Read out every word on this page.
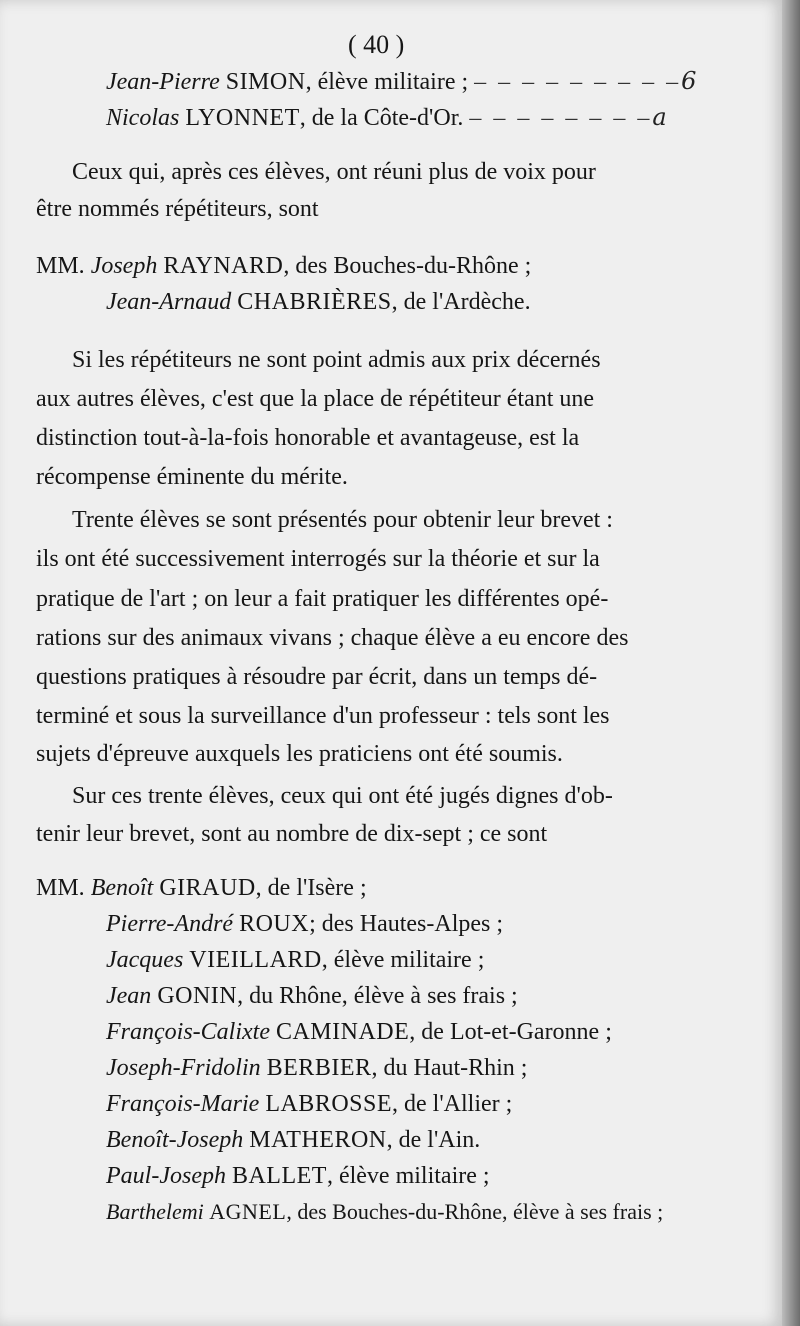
( 40 )
Jean-Pierre SIMON, élève militaire ; – – – – – – – – –6
Nicolas LYONNET, de la Côte-d'Or. – – – – – – – –a
Ceux qui, après ces élèves, ont réuni plus de voix pour
être nommés répétiteurs, sont
MM. Joseph RAYNARD, des Bouches-du-Rhône ;
Jean-Arnaud CHABRIÈRES, de l'Ardèche.
Si les répétiteurs ne sont point admis aux prix décernés
aux autres élèves, c'est que la place de répétiteur étant une
distinction tout-à-la-fois honorable et avantageuse, est la
récompense éminente du mérite.
Trente élèves se sont présentés pour obtenir leur brevet :
ils ont été successivement interrogés sur la théorie et sur la
pratique de l'art ; on leur a fait pratiquer les différentes opé-
rations sur des animaux vivans ; chaque élève a eu encore des
questions pratiques à résoudre par écrit, dans un temps dé-
terminé et sous la surveillance d'un professeur : tels sont les
sujets d'épreuve auxquels les praticiens ont été soumis.
Sur ces trente élèves, ceux qui ont été jugés dignes d'ob-
tenir leur brevet, sont au nombre de dix-sept ; ce sont
MM. Benoît GIRAUD, de l'Isère ;
Pierre-André ROUX; des Hautes-Alpes ;
Jacques VIEILLARD, élève militaire ;
Jean GONIN, du Rhône, élève à ses frais ;
François-Calixte CAMINADE, de Lot-et-Garonne ;
Joseph-Fridolin BERBIER, du Haut-Rhin ;
François-Marie LABROSSE, de l'Allier ;
Benoît-Joseph MATHERON, de l'Ain.
Paul-Joseph BALLET, élève militaire ;
Barthelemi AGNEL, des Bouches-du-Rhône, élève à ses frais ;
